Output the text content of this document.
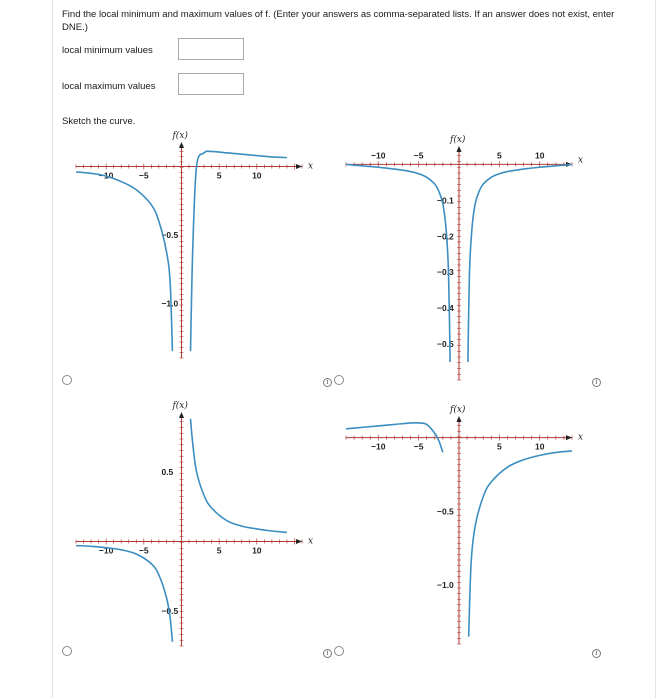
Find the local minimum and maximum values of f. (Enter your answers as comma-separated lists. If an answer does not exist, enter DNE.)
local minimum values
local maximum values
Sketch the curve.
x
f(x)
−10	−5	5	10
−0.5
−1.0
x
f(x)
−10	−5	5	10
−0.1
−0.2
−0.3
−0.4
−0.5
x
f(x)
−10	−5	5	10
0.5
−0.5
x
f(x)
−10	−5	5	10
−0.5
−1.0
i	i
i	i
